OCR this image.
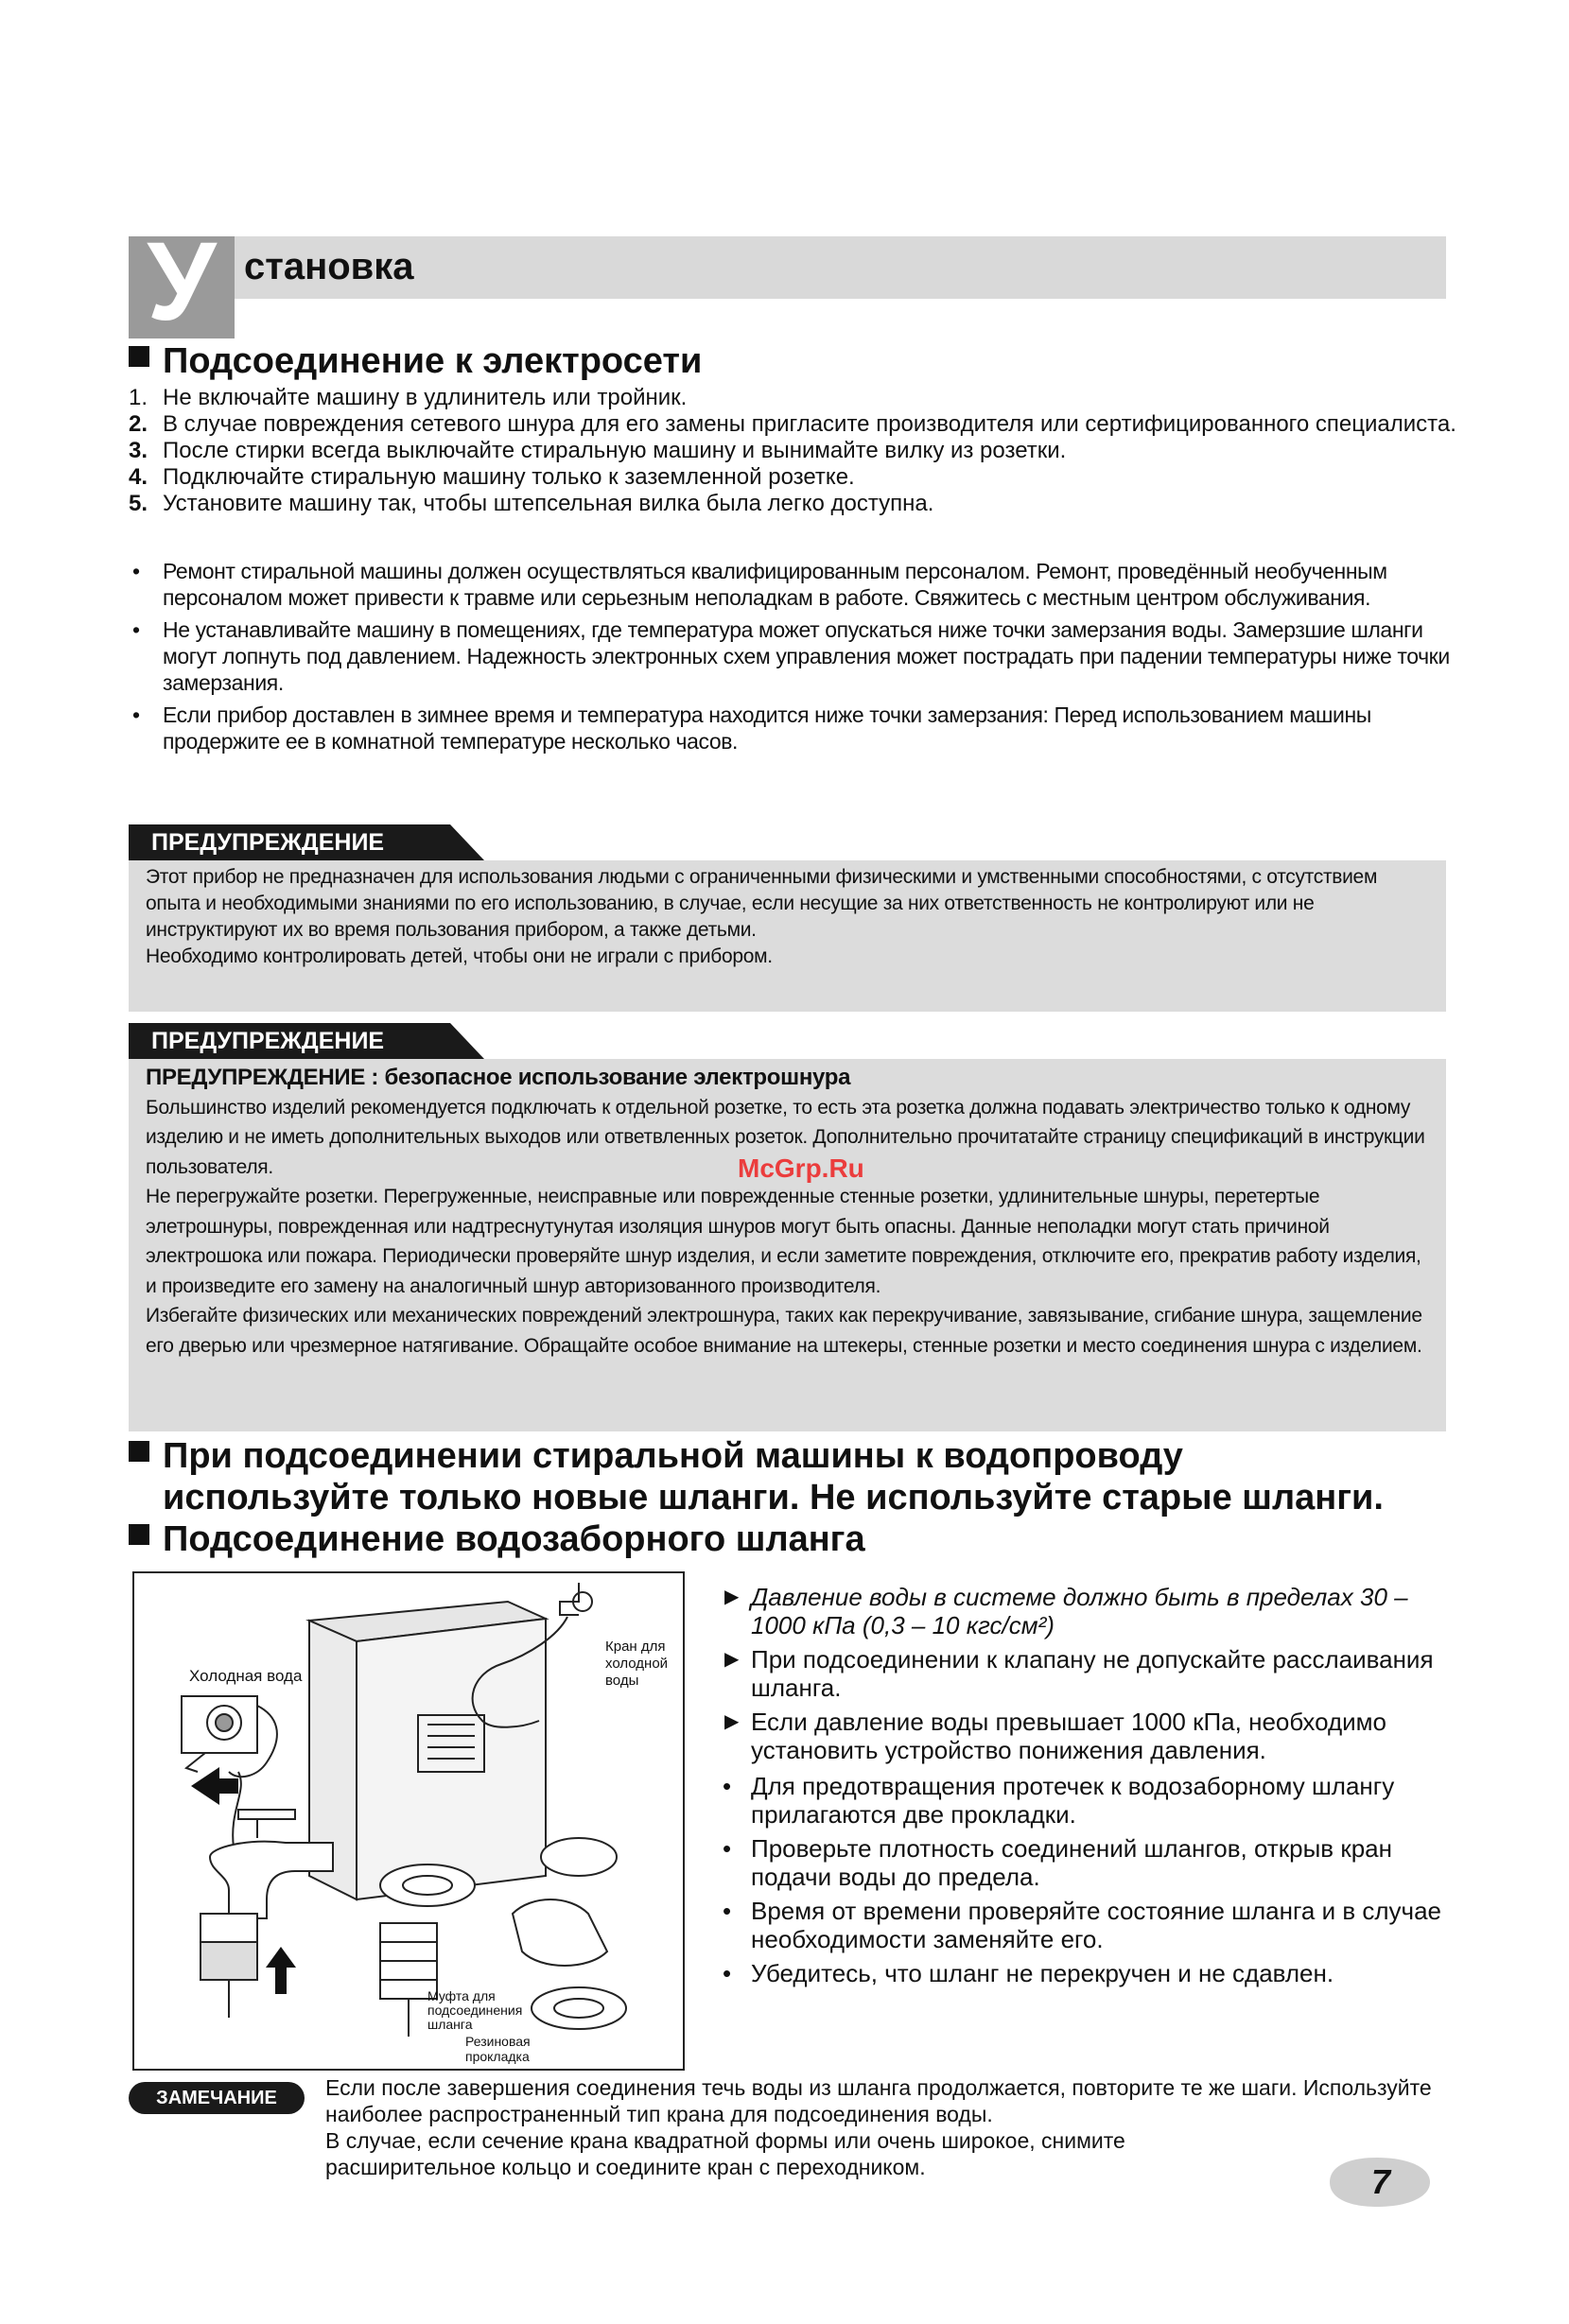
У становка
Подсоединение к электросети
1. Не включайте машину в удлинитель или тройник.
2. В случае повреждения сетевого шнура для его замены пригласите производителя или сертифицированного специалиста.
3. После стирки всегда выключайте стиральную машину и вынимайте вилку из розетки.
4. Подключайте стиральную машину только к заземленной розетке.
5. Установите машину так, чтобы штепсельная вилка была легко доступна.
• Ремонт стиральной машины должен осуществляться квалифицированным персоналом. Ремонт, проведённый необученным персоналом может привести к травме или серьезным неполадкам в работе. Свяжитесь с местным центром обслуживания.
• Не устанавливайте машину в помещениях, где температура может опускаться ниже точки замерзания воды. Замерзшие шланги могут лопнуть под давлением. Надежность электронных схем управления может пострадать при падении температуры ниже точки замерзания.
• Если прибор доставлен в зимнее время и температура находится ниже точки замерзания: Перед использованием машины продержите ее в комнатной температуре несколько часов.
ПРЕДУПРЕЖДЕНИЕ
Этот прибор не предназначен для использования людьми с ограниченными физическими и умственными способностями, с отсутствием опыта и необходимыми знаниями по его использованию, в случае, если несущие за них ответственность не контролируют или не инструктируют их во время пользования прибором, а также детьми.
Необходимо контролировать детей, чтобы они не играли с прибором.
ПРЕДУПРЕЖДЕНИЕ
ПРЕДУПРЕЖДЕНИЕ : безопасное использование электрошнура
Большинство изделий рекомендуется подключать к отдельной розетке, то есть эта розетка должна подавать электричество только к одному изделию и не иметь дополнительных выходов или ответвленных розеток. Дополнительно прочитатайте страницу спецификаций в инструкции пользователя.
Не перегружайте розетки. Перегруженные, неисправные или поврежденные стенные розетки, удлинительные шнуры, перетертые элетрошнуры, поврежденная или надтреснутунутая изоляция шнуров могут быть опасны. Данные неполадки могут стать причиной электрошока или пожара. Периодически проверяйте шнур изделия, и если заметите повреждения, отключите его, прекратив работу изделия, и произведите его замену на аналогичный шнур авторизованного производителя.
Избегайте физических или механических повреждений электрошнура, таких как перекручивание, завязывание, сгибание шнура, защемление его дверью или чрезмерное натягивание. Обращайте особое внимание на штекеры, стенные розетки и место соединения шнура с изделием.
McGrp.Ru
При подсоединении стиральной машины к водопроводу
используйте только новые шланги. Не используйте старые шланги.
Подсоединение водозаборного шланга
Холодная вода
Кран для
холодной
воды
Муфта для
подсоединения
шланга
Резиновая
прокладка
▶ Давление воды в системе должно быть в пределах 30 – 1000 кПа (0,3 – 10 кгс/см²)
▶ При подсоединении к клапану не допускайте расслаивания шланга.
▶ Если давление воды превышает 1000 кПа, необходимо установить устройство понижения давления.
• Для предотвращения протечек к водозаборному шлангу прилагаются две прокладки.
• Проверьте плотность соединений шлангов, открыв кран подачи воды до предела.
• Время от времени проверяйте состояние шланга и в случае необходимости заменяйте его.
• Убедитесь, что шланг не перекручен и не сдавлен.
ЗАМЕЧАНИЕ	Если после завершения соединения течь воды из шланга продолжается, повторите те же шаги. Используйте наиболее распространенный тип крана для подсоединения воды.
В случае, если сечение крана квадратной формы или очень широкое, снимите расширительное кольцо и соедините кран с переходником.	7
